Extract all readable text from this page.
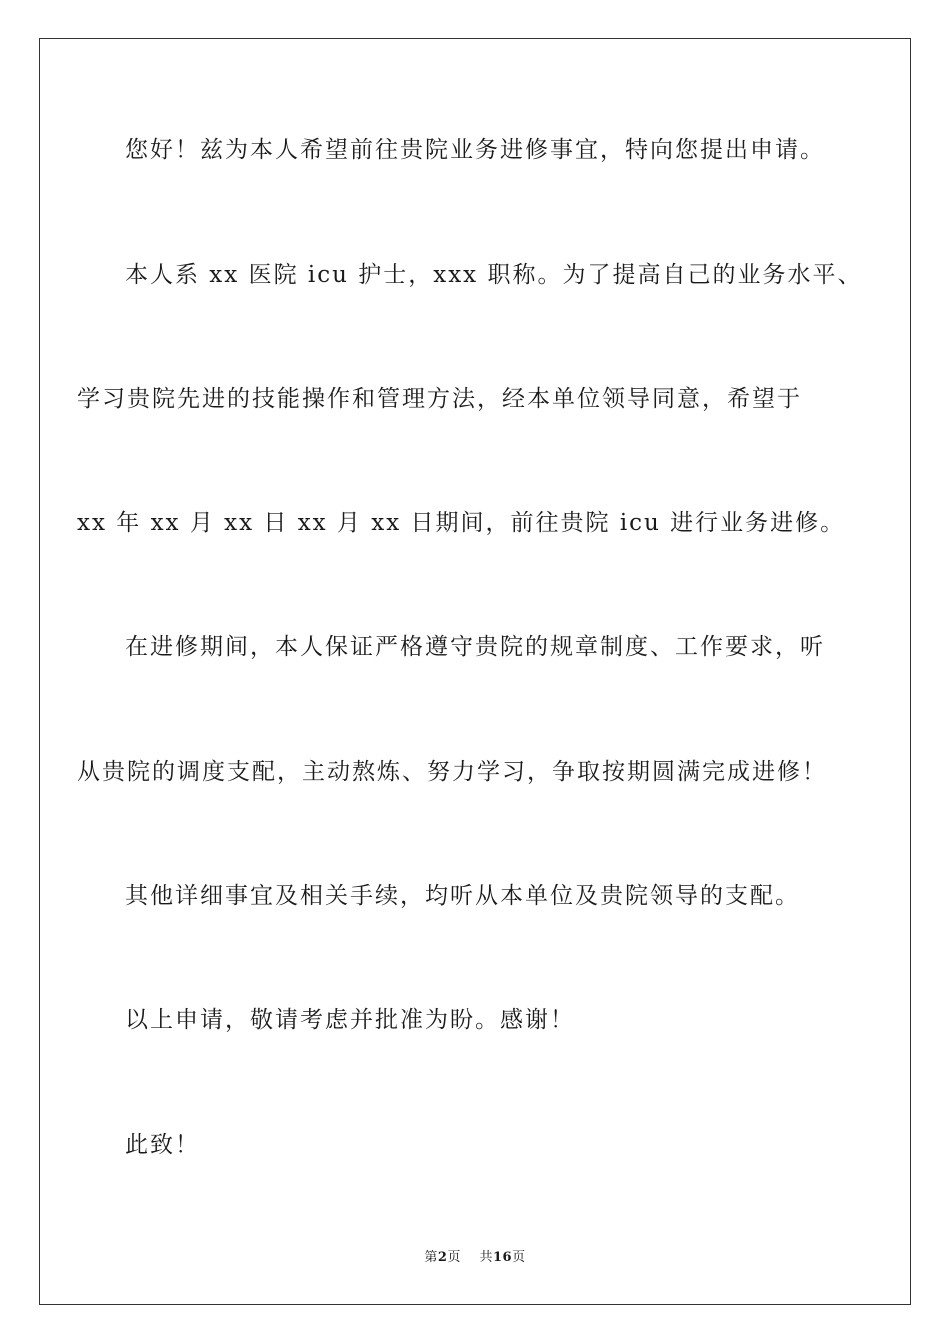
您好！兹为本人希望前往贵院业务进修事宜，特向您提出申请。
本人系 xx 医院 icu 护士，xxx 职称。为了提高自己的业务水平、
学习贵院先进的技能操作和管理方法，经本单位领导同意，希望于
xx 年 xx 月 xx 日 xx 月 xx 日期间，前往贵院 icu 进行业务进修。
在进修期间，本人保证严格遵守贵院的规章制度、工作要求，听
从贵院的调度支配，主动熬炼、努力学习，争取按期圆满完成进修！
其他详细事宜及相关手续，均听从本单位及贵院领导的支配。
以上申请，敬请考虑并批准为盼。感谢！
此致！
第2页 共16页
